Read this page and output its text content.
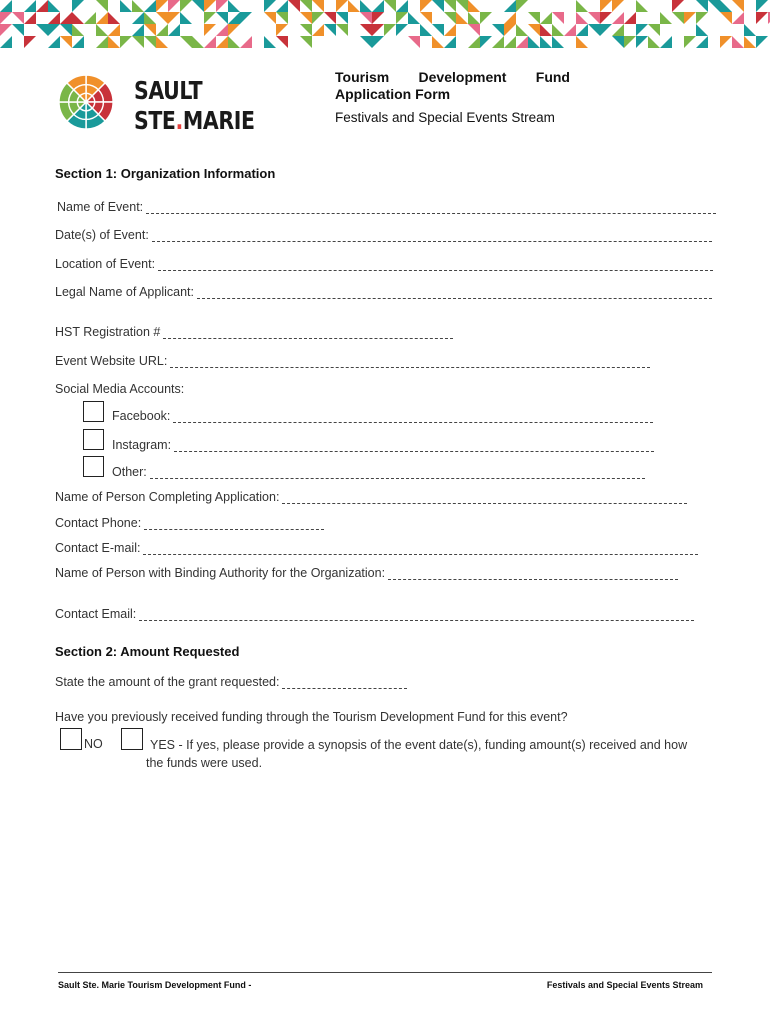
SAULT
STE.MARIE
Tourism Development Fund
Application Form
Festivals and Special Events Stream
Section 1: Organization Information
Name of Event:
Date(s) of Event:
Location of Event:
Legal Name of Applicant:
HST Registration #
Event Website URL:
Social Media Accounts:
Facebook:
Instagram:
Other:
Name of Person Completing Application:
Contact Phone:
Contact E-mail:
Name of Person with Binding Authority for the Organization:
Contact Email:
Section 2: Amount Requested
State the amount of the grant requested:
Have you previously received funding through the Tourism Development Fund for this event?
NO	YES - If yes, please provide a synopsis of the event date(s), funding amount(s) received and how
the funds were used.
Sault Ste. Marie Tourism Development Fund -	Festivals and Special Events Stream
